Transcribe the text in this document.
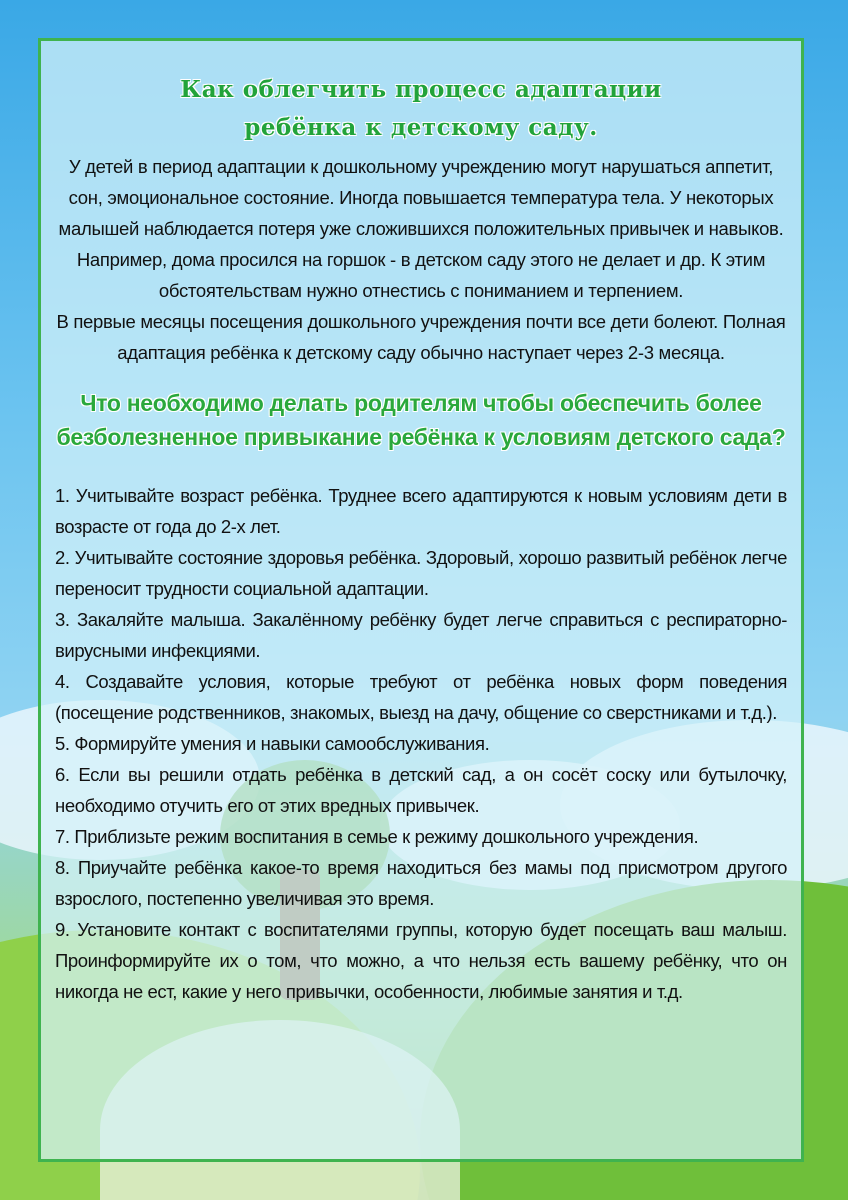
Как облегчить процесс адаптации
ребёнка к детскому саду.

У детей в период адаптации к дошкольному учреждению могут нарушаться аппетит, сон, эмоциональное состояние. Иногда повышается температура тела. У некоторых малышей наблюдается потеря уже сложившихся положительных привычек и навыков. Например, дома просился на горшок - в детском саду этого не делает и др. К этим обстоятельствам нужно отнестись с пониманием и терпением.

В первые месяцы посещения дошкольного учреждения почти все дети болеют. Полная адаптация ребёнка к детскому саду обычно наступает через 2-3 месяца.

Что необходимо делать родителям чтобы обеспечить более безболезненное привыкание ребёнка к условиям детского сада?

1. Учитывайте возраст ребёнка. Труднее всего адаптируются к новым условиям дети в возрасте от года до 2-х лет.

2. Учитывайте состояние здоровья ребёнка. Здоровый, хорошо развитый ребёнок легче переносит трудности социальной адаптации.

3. Закаляйте малыша. Закалённому ребёнку будет легче справиться с респираторно-вирусными инфекциями.

4. Создавайте условия, которые требуют от ребёнка новых форм поведения (посещение родственников, знакомых, выезд на дачу, общение со сверстниками и т.д.).

5. Формируйте умения и навыки самообслуживания.

6. Если вы решили отдать ребёнка в детский сад, а он сосёт соску или бутылочку, необходимо отучить его от этих вредных привычек.

7. Приблизьте режим воспитания в семье к режиму дошкольного учреждения.

8. Приучайте ребёнка какое-то время находиться без мамы под присмотром другого взрослого, постепенно увеличивая это время.

9. Установите контакт с воспитателями группы, которую будет посещать ваш малыш. Проинформируйте их о том, что можно, а что нельзя есть вашему ребёнку, что он никогда не ест, какие у него привычки, особенности, любимые занятия и т.д.
